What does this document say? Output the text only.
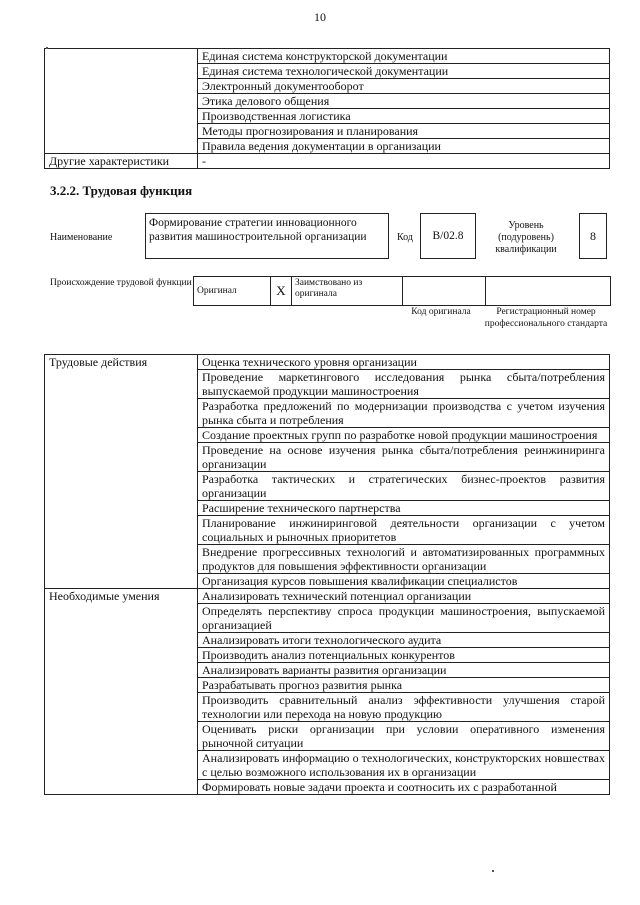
10
	Единая система конструкторской документации
	Единая система технологической документации
	Электронный документооборот
	Этика делового общения
	Производственная логистика
	Методы прогнозирования и планирования
	Правила ведения документации в организации
Другие характеристики	-
3.2.2. Трудовая функция
Наименование
Формирование стратегии инновационного развития машиностроительной организации	Код	B/02.8
Уровень (подуровень) квалификации
8
Происхождение трудовой функции
Оригинал	X	Заимствовано из оригинала		
Код оригинала	Регистрационный номер профессионального стандарта
Трудовые действия	Оценка технического уровня организации
	Проведение маркетингового исследования рынка сбыта/потребления выпускаемой продукции машиностроения
	Разработка предложений по модернизации производства с учетом изучения рынка сбыта и потребления
	Создание проектных групп по разработке новой продукции машиностроения
	Проведение на основе изучения рынка сбыта/потребления реинжиниринга организации
	Разработка тактических и стратегических бизнес-проектов развития организации
	Расширение технического партнерства
	Планирование инжиниринговой деятельности организации с учетом социальных и рыночных приоритетов
	Внедрение прогрессивных технологий и автоматизированных программных продуктов для повышения эффективности организации
	Организация курсов повышения квалификации специалистов
Необходимые умения	Анализировать технический потенциал организации
	Определять перспективу спроса продукции машиностроения, выпускаемой организацией
	Анализировать итоги технологического аудита
	Производить анализ потенциальных конкурентов
	Анализировать варианты развития организации
	Разрабатывать прогноз развития рынка
	Производить сравнительный анализ эффективности улучшения старой технологии или перехода на новую продукцию
	Оценивать риски организации при условии оперативного изменения рыночной ситуации
	Анализировать информацию о технологических, конструкторских новшествах с целью возможного использования их в организации
	Формировать новые задачи проекта и соотносить их с разработанной
